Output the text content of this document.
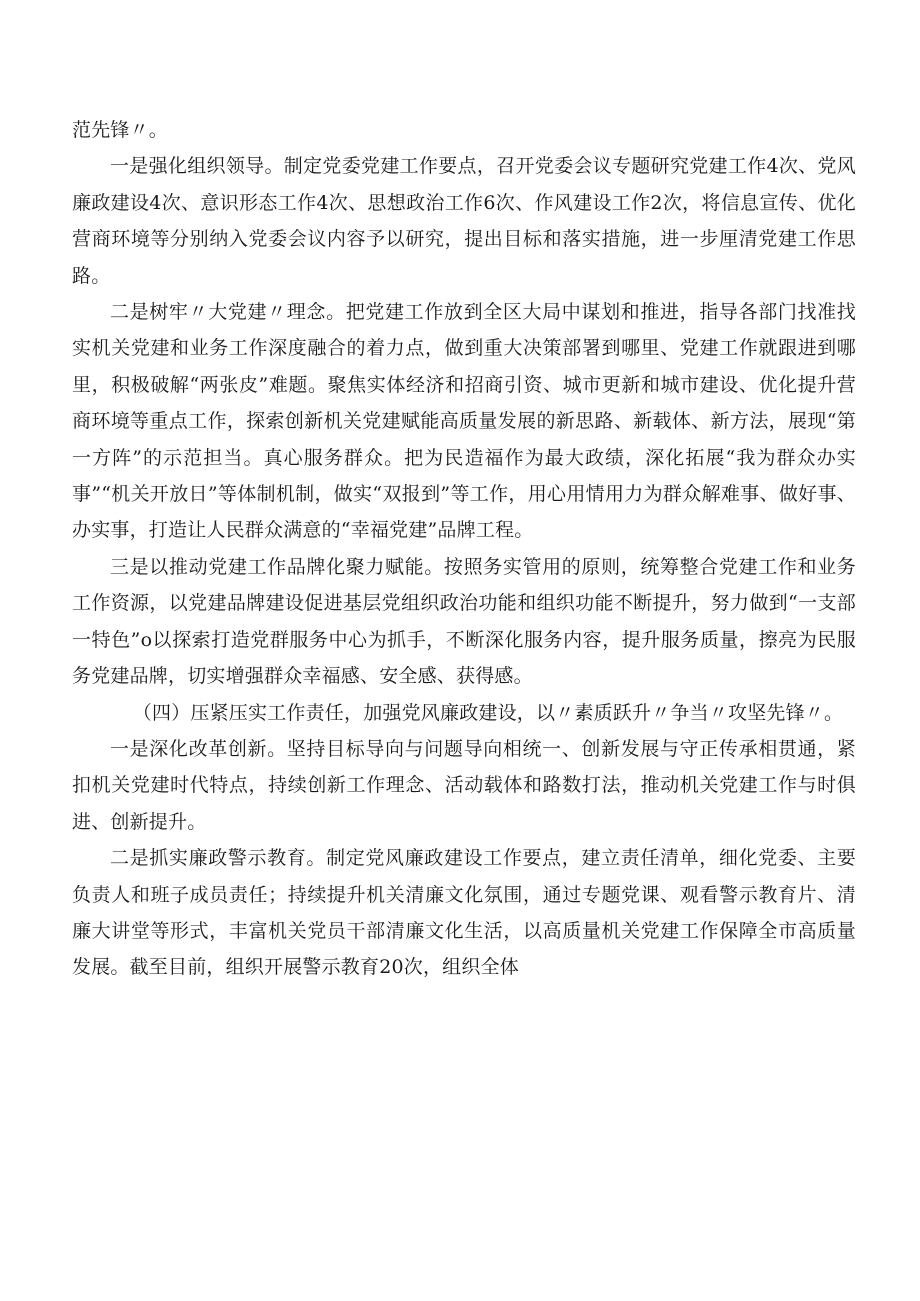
范先锋〃。

一是强化组织领导。制定党委党建工作要点，召开党委会议专题研究党建工作4次、党风廉政建设4次、意识形态工作4次、思想政治工作6次、作风建设工作2次，将信息宣传、优化营商环境等分别纳入党委会议内容予以研究，提出目标和落实措施，进一步厘清党建工作思路。

二是树牢〃大党建〃理念。把党建工作放到全区大局中谋划和推进，指导各部门找准找实机关党建和业务工作深度融合的着力点，做到重大决策部署到哪里、党建工作就跟进到哪里，积极破解“两张皮”难题。聚焦实体经济和招商引资、城市更新和城市建设、优化提升营商环境等重点工作，探索创新机关党建赋能高质量发展的新思路、新载体、新方法，展现“第一方阵”的示范担当。真心服务群众。把为民造福作为最大政绩，深化拓展“我为群众办实事”“机关开放日”等体制机制，做实“双报到”等工作，用心用情用力为群众解难事、做好事、办实事，打造让人民群众满意的“幸福党建”品牌工程。

三是以推动党建工作品牌化聚力赋能。按照务实管用的原则，统筹整合党建工作和业务工作资源，以党建品牌建设促进基层党组织政治功能和组织功能不断提升，努力做到“一支部一特色”o以探索打造党群服务中心为抓手，不断深化服务内容，提升服务质量，擦亮为民服务党建品牌，切实增强群众幸福感、安全感、获得感。

（四）压紧压实工作责任，加强党风廉政建设，以〃素质跃升〃争当〃攻坚先锋〃。

一是深化改革创新。坚持目标导向与问题导向相统一、创新发展与守正传承相贯通，紧扣机关党建时代特点，持续创新工作理念、活动载体和路数打法，推动机关党建工作与时俱进、创新提升。

二是抓实廉政警示教育。制定党风廉政建设工作要点，建立责任清单，细化党委、主要负责人和班子成员责任；持续提升机关清廉文化氛围，通过专题党课、观看警示教育片、清廉大讲堂等形式，丰富机关党员干部清廉文化生活，以高质量机关党建工作保障全市高质量发展。截至目前，组织开展警示教育20次，组织全体
